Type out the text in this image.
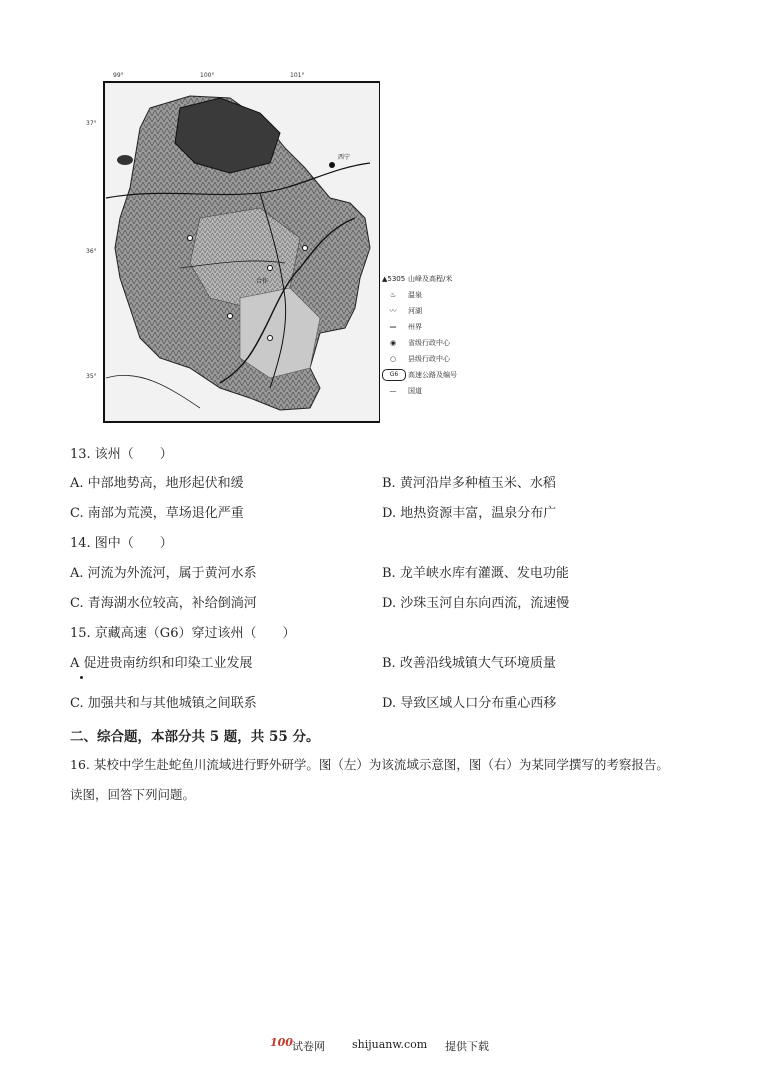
西宁
合作
99°	100°	101°
37°
36°
35°
▲5305 山峰及高程/米
♨	温泉
〰	河湖
—	州界
◉	省级行政中心
○	县级行政中心
G6	高速公路及编号
—	国道
13. 该州（　　）
A. 中部地势高，地形起伏和缓	B. 黄河沿岸多种植玉米、水稻
C. 南部为荒漠，草场退化严重	D. 地热资源丰富，温泉分布广
14. 图中（　　）
A. 河流为外流河，属于黄河水系	B. 龙羊峡水库有灌溉、发电功能
C. 青海湖水位较高，补给倒淌河	D. 沙珠玉河自东向西流，流速慢
15. 京藏高速（G6）穿过该州（　　）
A 促进贵南纺织和印染工业发展	B. 改善沿线城镇大气环境质量
C. 加强共和与其他城镇之间联系	D. 导致区域人口分布重心西移
二、综合题，本部分共 5 题，共 55 分。
16. 某校中学生赴蛇鱼川流域进行野外研学。图（左）为该流域示意图，图（右）为某同学撰写的考察报告。
读图，回答下列问题。
100 试卷网 shijuanw.com 提供下载
